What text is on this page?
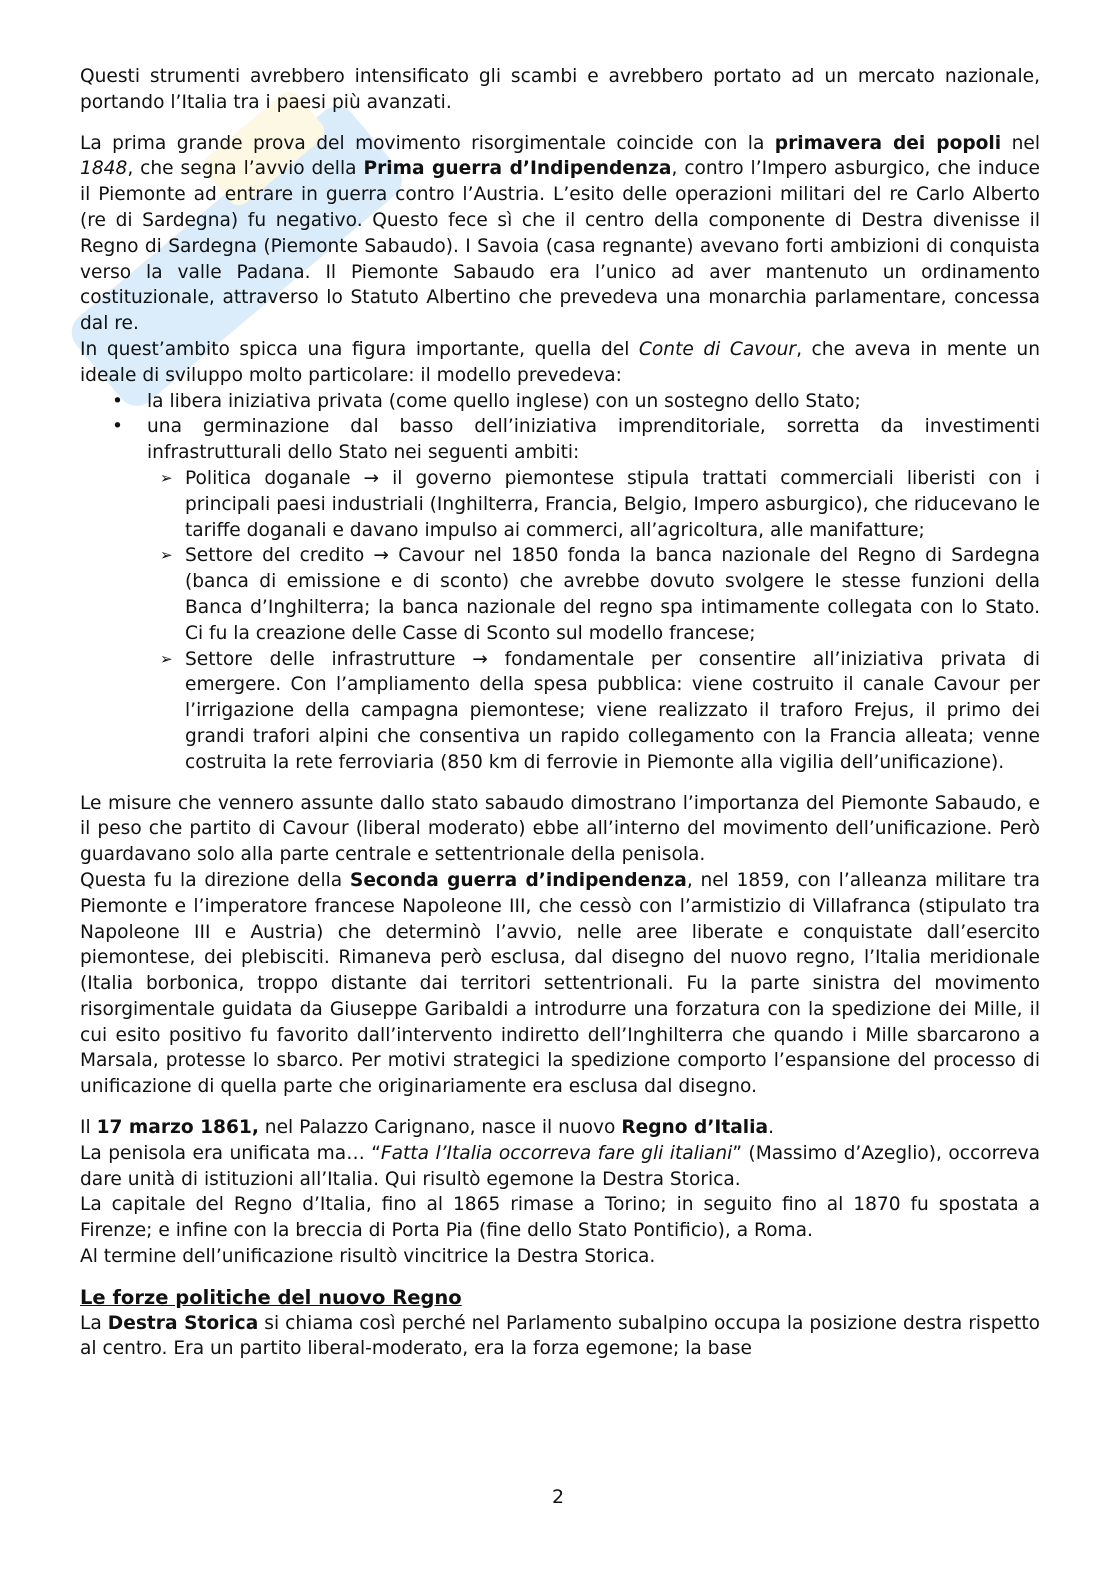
Questi strumenti avrebbero intensificato gli scambi e avrebbero portato ad un mercato nazionale, portando l’Italia tra i paesi più avanzati.
La prima grande prova del movimento risorgimentale coincide con la primavera dei popoli nel 1848, che segna l’avvio della Prima guerra d’Indipendenza, contro l’Impero asburgico, che induce il Piemonte ad entrare in guerra contro l’Austria. L’esito delle operazioni militari del re Carlo Alberto (re di Sardegna) fu negativo. Questo fece sì che il centro della componente di Destra divenisse il Regno di Sardegna (Piemonte Sabaudo). I Savoia (casa regnante) avevano forti ambizioni di conquista verso la valle Padana. Il Piemonte Sabaudo era l’unico ad aver mantenuto un ordinamento costituzionale, attraverso lo Statuto Albertino che prevedeva una monarchia parlamentare, concessa dal re.
In quest’ambito spicca una figura importante, quella del Conte di Cavour, che aveva in mente un ideale di sviluppo molto particolare: il modello prevedeva:
• la libera iniziativa privata (come quello inglese) con un sostegno dello Stato;
• una germinazione dal basso dell’iniziativa imprenditoriale, sorretta da investimenti infrastrutturali dello Stato nei seguenti ambiti:
➢ Politica doganale → il governo piemontese stipula trattati commerciali liberisti con i principali paesi industriali (Inghilterra, Francia, Belgio, Impero asburgico), che riducevano le tariffe doganali e davano impulso ai commerci, all’agricoltura, alle manifatture;
➢ Settore del credito → Cavour nel 1850 fonda la banca nazionale del Regno di Sardegna (banca di emissione e di sconto) che avrebbe dovuto svolgere le stesse funzioni della Banca d’Inghilterra; la banca nazionale del regno spa intimamente collegata con lo Stato. Ci fu la creazione delle Casse di Sconto sul modello francese;
➢ Settore delle infrastrutture → fondamentale per consentire all’iniziativa privata di emergere. Con l’ampliamento della spesa pubblica: viene costruito il canale Cavour per l’irrigazione della campagna piemontese; viene realizzato il traforo Frejus, il primo dei grandi trafori alpini che consentiva un rapido collegamento con la Francia alleata; venne costruita la rete ferroviaria (850 km di ferrovie in Piemonte alla vigilia dell’unificazione).
Le misure che vennero assunte dallo stato sabaudo dimostrano l’importanza del Piemonte Sabaudo, e il peso che partito di Cavour (liberal moderato) ebbe all’interno del movimento dell’unificazione. Però guardavano solo alla parte centrale e settentrionale della penisola.
Questa fu la direzione della Seconda guerra d’indipendenza, nel 1859, con l’alleanza militare tra Piemonte e l’imperatore francese Napoleone III, che cessò con l’armistizio di Villafranca (stipulato tra Napoleone III e Austria) che determinò l’avvio, nelle aree liberate e conquistate dall’esercito piemontese, dei plebisciti. Rimaneva però esclusa, dal disegno del nuovo regno, l’Italia meridionale (Italia borbonica, troppo distante dai territori settentrionali. Fu la parte sinistra del movimento risorgimentale guidata da Giuseppe Garibaldi a introdurre una forzatura con la spedizione dei Mille, il cui esito positivo fu favorito dall’intervento indiretto dell’Inghilterra che quando i Mille sbarcarono a Marsala, protesse lo sbarco. Per motivi strategici la spedizione comporto l’espansione del processo di unificazione di quella parte che originariamente era esclusa dal disegno.
Il 17 marzo 1861, nel Palazzo Carignano, nasce il nuovo Regno d’Italia.
La penisola era unificata ma… “Fatta l’Italia occorreva fare gli italiani” (Massimo d’Azeglio), occorreva dare unità di istituzioni all’Italia. Qui risultò egemone la Destra Storica.
La capitale del Regno d’Italia, fino al 1865 rimase a Torino; in seguito fino al 1870 fu spostata a Firenze; e infine con la breccia di Porta Pia (fine dello Stato Pontificio), a Roma.
Al termine dell’unificazione risultò vincitrice la Destra Storica.
Le forze politiche del nuovo Regno
La Destra Storica si chiama così perché nel Parlamento subalpino occupa la posizione destra rispetto al centro. Era un partito liberal-moderato, era la forza egemone; la base
2
